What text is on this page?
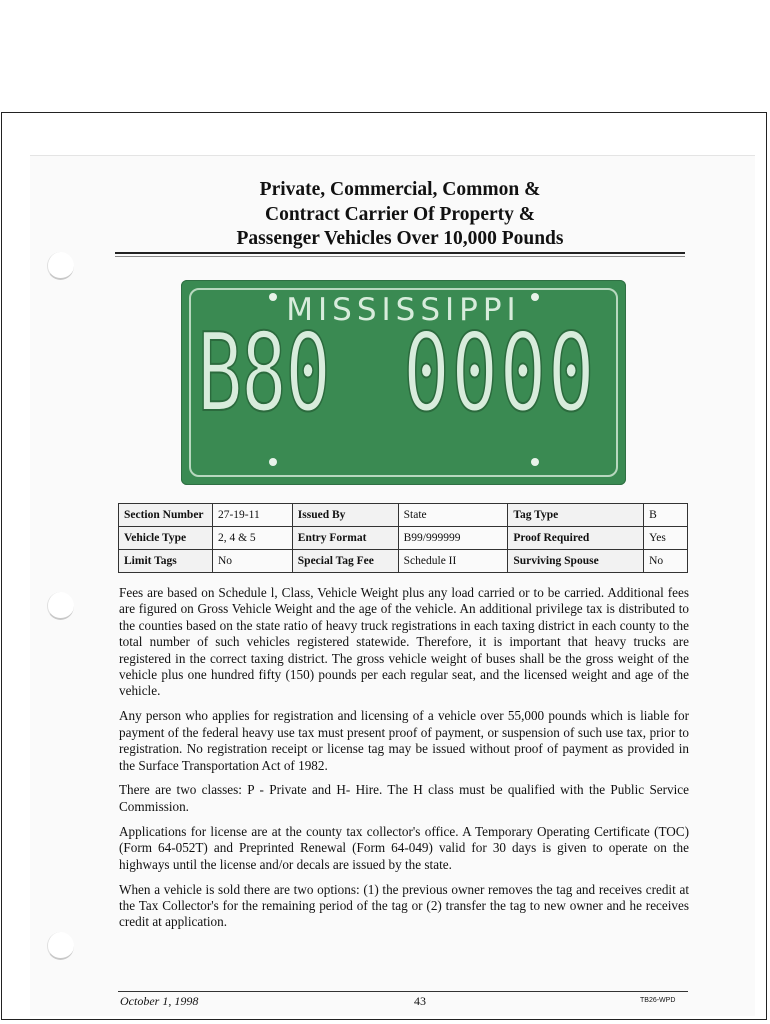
Private, Commercial, Common &
Contract Carrier Of Property &
Passenger Vehicles Over 10,000 Pounds
MISSISSIPPI
B80 0000
Section Number	27-19-11	Issued By	State	Tag Type	B
Vehicle Type	2, 4 & 5	Entry Format	B99/999999	Proof Required	Yes
Limit Tags	No	Special Tag Fee	Schedule II	Surviving Spouse	No

Fees are based on Schedule l, Class, Vehicle Weight plus any load carried or to be carried. Additional fees are figured on Gross Vehicle Weight and the age of the vehicle. An additional privilege tax is distributed to the counties based on the state ratio of heavy truck registrations in each taxing district in each county to the total number of such vehicles registered statewide. Therefore, it is important that heavy trucks are registered in the correct taxing district. The gross vehicle weight of buses shall be the gross weight of the vehicle plus one hundred fifty (150) pounds per each regular seat, and the licensed weight and age of the vehicle.

Any person who applies for registration and licensing of a vehicle over 55,000 pounds which is liable for payment of the federal heavy use tax must present proof of payment, or suspension of such use tax, prior to registration. No registration receipt or license tag may be issued without proof of payment as provided in the Surface Transportation Act of 1982.

There are two classes: P - Private and H- Hire. The H class must be qualified with the Public Service Commission.

Applications for license are at the county tax collector's office. A Temporary Operating Certificate (TOC) (Form 64-052T) and Preprinted Renewal (Form 64-049) valid for 30 days is given to operate on the highways until the license and/or decals are issued by the state.

When a vehicle is sold there are two options: (1) the previous owner removes the tag and receives credit at the Tax Collector's for the remaining period of the tag or (2) transfer the tag to new owner and he receives credit at application.

October 1, 1998	43	TB26-WPD
